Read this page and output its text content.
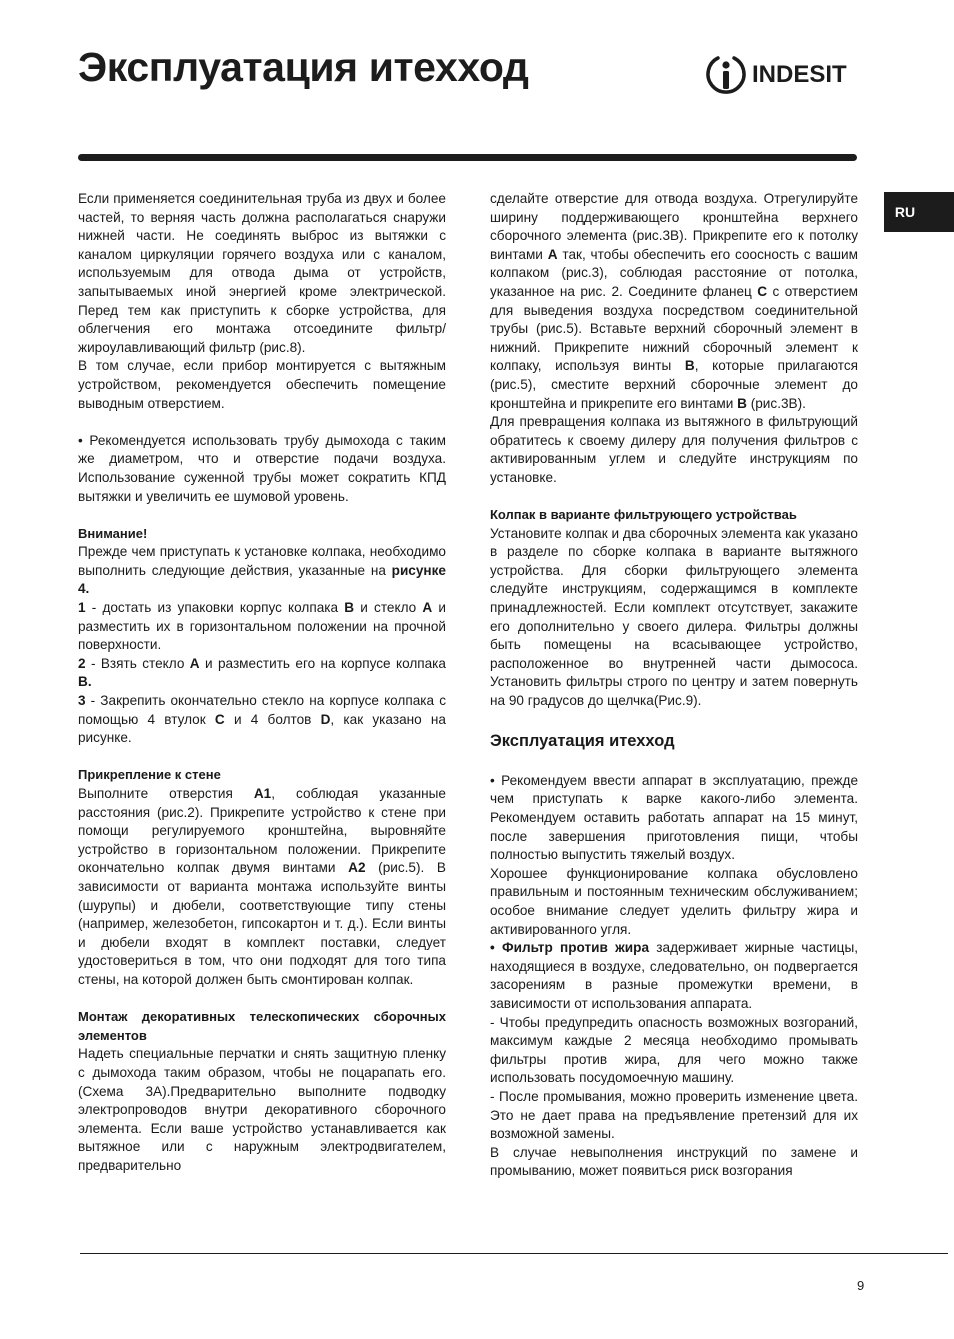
Эксплуатация итехход	INDESIT
RU

Если применяется соединительная труба из двух и более частей, то верняя часть должна располагаться снаружи нижней части. Не соединять выброс из вытяжки с каналом циркуляции горячего воздуха или с каналом, используемым для отвода дыма от устройств, запытываемых иной энергией кроме электрической. Перед тем как приступить к сборке устройства, для облегчения его монтажа отсоедините фильтр/жироулавливающий фильтр (рис.8).

В том случае, если прибор монтируется с вытяжным устройством, рекомендуется обеспечить помещение выводным отверстием.

• Рекомендуется использовать трубу дымохода с таким же диаметром, что и отверстие подачи воздуха. Использование суженной трубы может сократить КПД вытяжки и увеличить ее шумовой уровень.

Внимание!

Прежде чем приступать к установке колпака, необходимо выполнить следующие действия, указанные на рисунке 4.

1 - достать из упаковки корпус колпака B и стекло A и разместить их в горизонтальном положении на прочной поверхности.

2 - Взять стекло A и разместить его на корпусе колпака B.

3 - Закрепить окончательно стекло на корпусе колпака с помощью 4 втулок C и 4 болтов D, как указано на рисунке.

Прикрепление к стене

Выполните отверстия A1, соблюдая указанные расстояния (рис.2). Прикрепите устройство к стене при помощи регулируемого кронштейна, выровняйте устройство в горизонтальном положении. Прикрепите окончательно колпак двумя винтами A2 (рис.5). В зависимости от варианта монтажа используйте винты (шурупы) и дюбели, соответствующие типу стены (например, железобетон, гипсокартон и т. д.). Если винты и дюбели входят в комплект поставки, следует удостовериться в том, что они подходят для того типа стены, на которой должен быть смонтирован колпак.

Монтаж декоративных телескопических сборочных элементов

Надеть специальные перчатки и снять защитную пленку с дымохода таким образом, чтобы не поцарапать его. (Схема 3А).Предварительно выполните подводку электропроводов внутри декоративного сборочного элемента. Если ваше устройство устанавливается как вытяжное или с наружным электродвигателем, предварительно

сделайте отверстие для отвода воздуха. Отрегулируйте ширину поддерживающего кронштейна верхнего сборочного элемента (рис.3B). Прикрепите его к потолку винтами A так, чтобы обеспечить его соосность с вашим колпаком (рис.3), соблюдая расстояние от потолка, указанное на рис. 2. Соедините фланец C с отверстием для выведения воздуха посредством соединительной трубы (рис.5). Вставьте верхний сборочный элемент в нижний. Прикрепите нижний сборочный элемент к колпаку, используя винты B, которые прилагаются (рис.5), сместите верхний сборочные элемент до кронштейна и прикрепите его винтами B (рис.3B).

Для превращения колпака из вытяжного в фильтрующий обратитесь к своему дилеру для получения фильтров с активированным углем и следуйте инструкциям по установке.

Колпак в варианте фильтрующего устройстваь

Установите колпак и два сборочных элемента как указано в разделе по сборке колпака в варианте вытяжного устройства. Для сборки фильтрующего элемента следуйте инструкциям, содержащимся в комплекте принадлежностей. Если комплект отсутствует, закажите его дополнительно у своего дилера. Фильтры должны быть помещены на всасывающее устройство, расположенное во внутренней части дымососа. Установить фильтры строго по центру и затем повернуть на 90 градусов до щелчка(Рис.9).

Эксплуатация итехход

• Рекомендуем ввести аппарат в эксплуатацию, прежде чем приступать к варке какого-либо элемента. Рекомендуем оставить работать аппарат на 15 минут, после завершения приготовления пищи, чтобы полностью выпустить тяжелый воздух.

Хорошее функционирование колпака обусловлено правильным и постоянным техническим обслуживанием; особое внимание следует уделить фильтру жира и активированного угля.

• Фильтр против жира задерживает жирные частицы, находящиеся в воздухе, следовательно, он подвергается засорениям в разные промежутки времени, в зависимости от использования аппарата.

- Чтобы предупредить опасность возможных возгораний, максимум каждые 2 месяца необходимо промывать фильтры против жира, для чего можно также использовать посудомоечную машину.

- После промывания, можно проверить изменение цвета. Это не дает права на предъявление претензий для их возможной замены.

В случае невыполнения инструкций по замене и промыванию, может появиться риск возгорания

9
